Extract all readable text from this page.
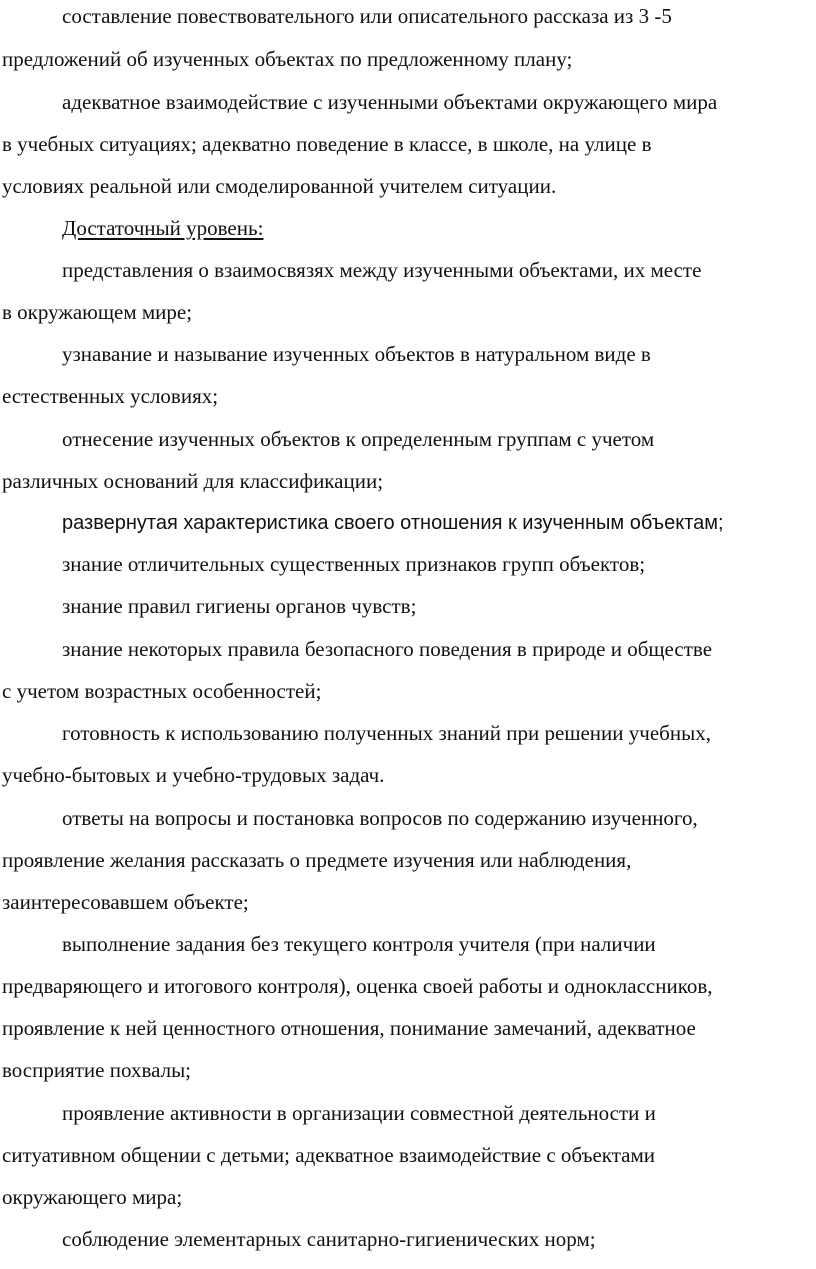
составление повествовательного или описательного рассказа из 3 -5
предложений об изученных объектах по предложенному плану;
адекватное взаимодействие с изученными объектами окружающего мира
в учебных ситуациях; адекватно поведение в классе, в школе, на улице в
условиях реальной или смоделированной учителем ситуации.
Достаточный уровень:
представления о взаимосвязях между изученными объектами, их месте
в окружающем мире;
узнавание и называние изученных объектов в натуральном виде в
естественных условиях;
отнесение изученных объектов к определенным группам с учетом
различных оснований для классификации;
развернутая характеристика своего отношения к изученным объектам;
знание отличительных существенных признаков групп объектов;
знание правил гигиены органов чувств;
знание некоторых правила безопасного поведения в природе и обществе
с учетом возрастных особенностей;
готовность к использованию полученных знаний при решении учебных,
учебно-бытовых и учебно-трудовых задач.
ответы на вопросы и постановка вопросов по содержанию изученного,
проявление желания рассказать о предмете изучения или наблюдения,
заинтересовавшем объекте;
выполнение задания без текущего контроля учителя (при наличии
предваряющего и итогового контроля), оценка своей работы и одноклассников,
проявление к ней ценностного отношения, понимание замечаний, адекватное
восприятие похвалы;
проявление активности в организации совместной деятельности и
ситуативном общении с детьми; адекватное взаимодействие с объектами
окружающего мира;
соблюдение элементарных санитарно-гигиенических норм;
